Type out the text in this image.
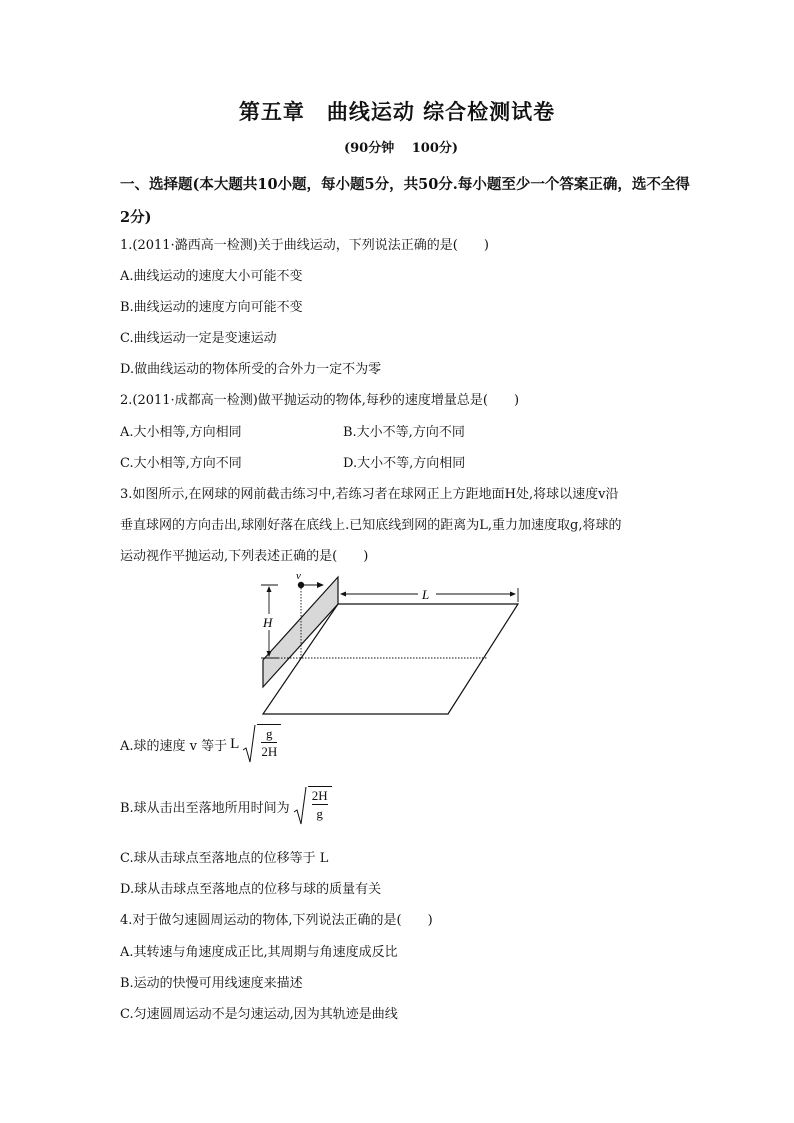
第五章　曲线运动 综合检测试卷
(90分钟　 100分)
一、选择题(本大题共10小题，每小题5分，共50分.每小题至少一个答案正确，选不全得2分)
1.(2011·潞西高一检测)关于曲线运动，下列说法正确的是(　　)
A.曲线运动的速度大小可能不变
B.曲线运动的速度方向可能不变
C.曲线运动一定是变速运动
D.做曲线运动的物体所受的合外力一定不为零
2.(2011·成都高一检测)做平抛运动的物体,每秒的速度增量总是(　　)
A.大小相等,方向相同	B.大小不等,方向不同
C.大小相等,方向不同	D.大小不等,方向相同
3.如图所示,在网球的网前截击练习中,若练习者在球网正上方距地面H处,将球以速度v沿
垂直球网的方向击出,球刚好落在底线上.已知底线到网的距离为L,重力加速度取g,将球的
运动视作平抛运动,下列表述正确的是(　　)
H
v
L
A.球的速度 v 等于 L $\frac{g}{2H}$
B.球从击出至落地所用时间为 $\frac{2H}{g}$
C.球从击球点至落地点的位移等于 L
D.球从击球点至落地点的位移与球的质量有关
4.对于做匀速圆周运动的物体,下列说法正确的是(　　)
A.其转速与角速度成正比,其周期与角速度成反比
B.运动的快慢可用线速度来描述
C.匀速圆周运动不是匀速运动,因为其轨迹是曲线
